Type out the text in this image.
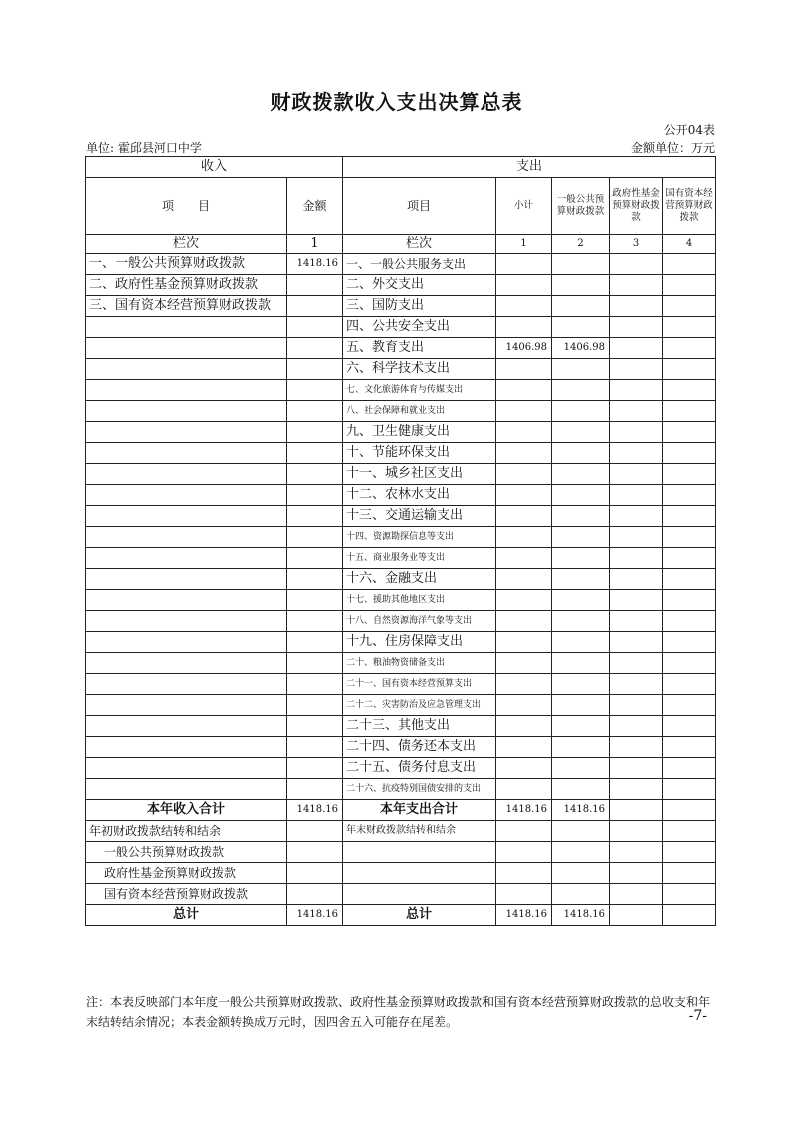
财政拨款收入支出决算总表
公开04表
单位: 霍邱县河口中学	金额单位：万元
收入		支出				
项　　目	金额	项目	小计	一般公共预算财政拨款	政府性基金预算财政拨款	国有资本经营预算财政拨款
栏次	1	栏次	1	2	3	4
一、一般公共预算财政拨款	1418.16	一、一般公共服务支出				
二、政府性基金预算财政拨款		二、外交支出				
三、国有资本经营预算财政拨款		三、国防支出				
		四、公共安全支出				
		五、教育支出	1406.98	1406.98		
		六、科学技术支出				
		七、文化旅游体育与传媒支出				
		八、社会保障和就业支出				
		九、卫生健康支出				
		十、节能环保支出				
		十一、城乡社区支出				
		十二、农林水支出				
		十三、交通运输支出				
		十四、资源勘探信息等支出				
		十五、商业服务业等支出				
		十六、金融支出				
		十七、援助其他地区支出				
		十八、自然资源海洋气象等支出				
		十九、住房保障支出				
		二十、粮油物资储备支出				
		二十一、国有资本经营预算支出				
		二十二、灾害防治及应急管理支出				
		二十三、其他支出				
		二十四、债务还本支出				
		二十五、债务付息支出				
		二十六、抗疫特别国债安排的支出				
本年收入合计	1418.16	本年支出合计	1418.16	1418.16		
年初财政拨款结转和结余		年末财政拨款结转和结余				
一般公共预算财政拨款						
政府性基金预算财政拨款						
国有资本经营预算财政拨款						
总计	1418.16	总计	1418.16	1418.16		
注：本表反映部门本年度一般公共预算财政拨款、政府性基金预算财政拨款和国有资本经营预算财政拨款的总收支和年末结转结余情况；本表金额转换成万元时，因四舍五入可能存在尾差。	-7-
